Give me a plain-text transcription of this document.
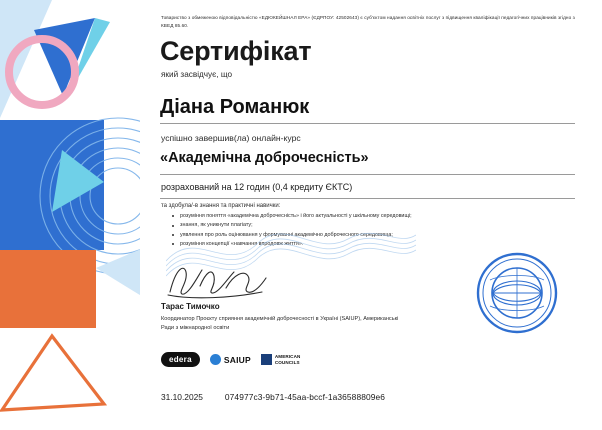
Товариство з обмеженою відповідальністю «ЕДЮКЕЙШНАЛ ЕРА» (ЄДРПОУ: 42502643) є суб'єктом надання освітніх послуг з підвищення кваліфікації педагогічних працівників згідно з КВЕД 85.60.
Сертифікат
який засвідчує, що
Діана Романюк
успішно завершив(ла) онлайн-курс
«Академічна доброчесність»
розрахований на 12 годин (0,4 кредиту ЄКТС)
та здобула/-в знання та практичні навички:
розуміння поняття «академічна доброчесність» і його актуальності у шкільному середовищі;
знання, як уникнути плагіату;
уявлення про роль оцінювання у формуванні академічно доброчесного середовища;
розуміння концепції «навчання впродовж життя».
Тарас Тимочко
Координатор Проєкту сприяння академічній доброчесності в Україні (SAIUP), Американські Ради з міжнародної освіти
edera	SAIUP	AMERICAN
COUNCILS
31.10.2025	074977c3-9b71-45aa-bccf-1a36588809e6
